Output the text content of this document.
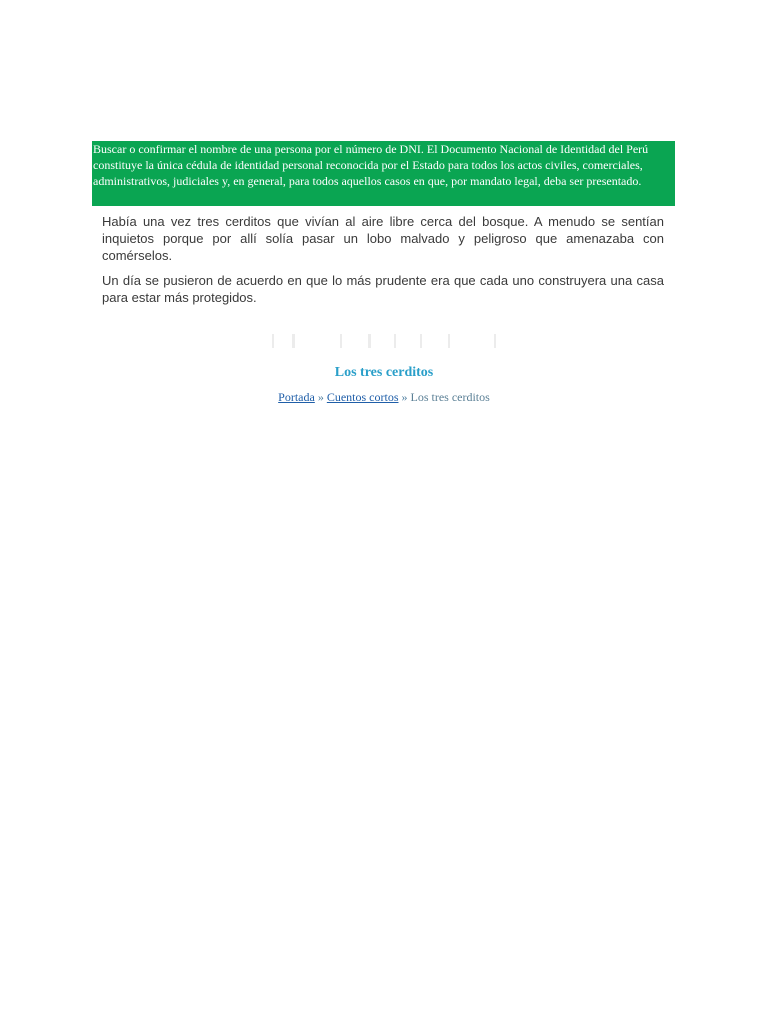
Buscar o confirmar el nombre de una persona por el número de DNI. El Documento Nacional de Identidad del Perú constituye la única cédula de identidad personal reconocida por el Estado para todos los actos civiles, comerciales, administrativos, judiciales y, en general, para todos aquellos casos en que, por mandato legal, deba ser presentado.

Había una vez tres cerditos que vivían al aire libre cerca del bosque. A menudo se sentían inquietos porque por allí solía pasar un lobo malvado y peligroso que amenazaba con comérselos.

Un día se pusieron de acuerdo en que lo más prudente era que cada uno construyera una casa para estar más protegidos.

Los tres cerditos
Portada » Cuentos cortos » Los tres cerditos
